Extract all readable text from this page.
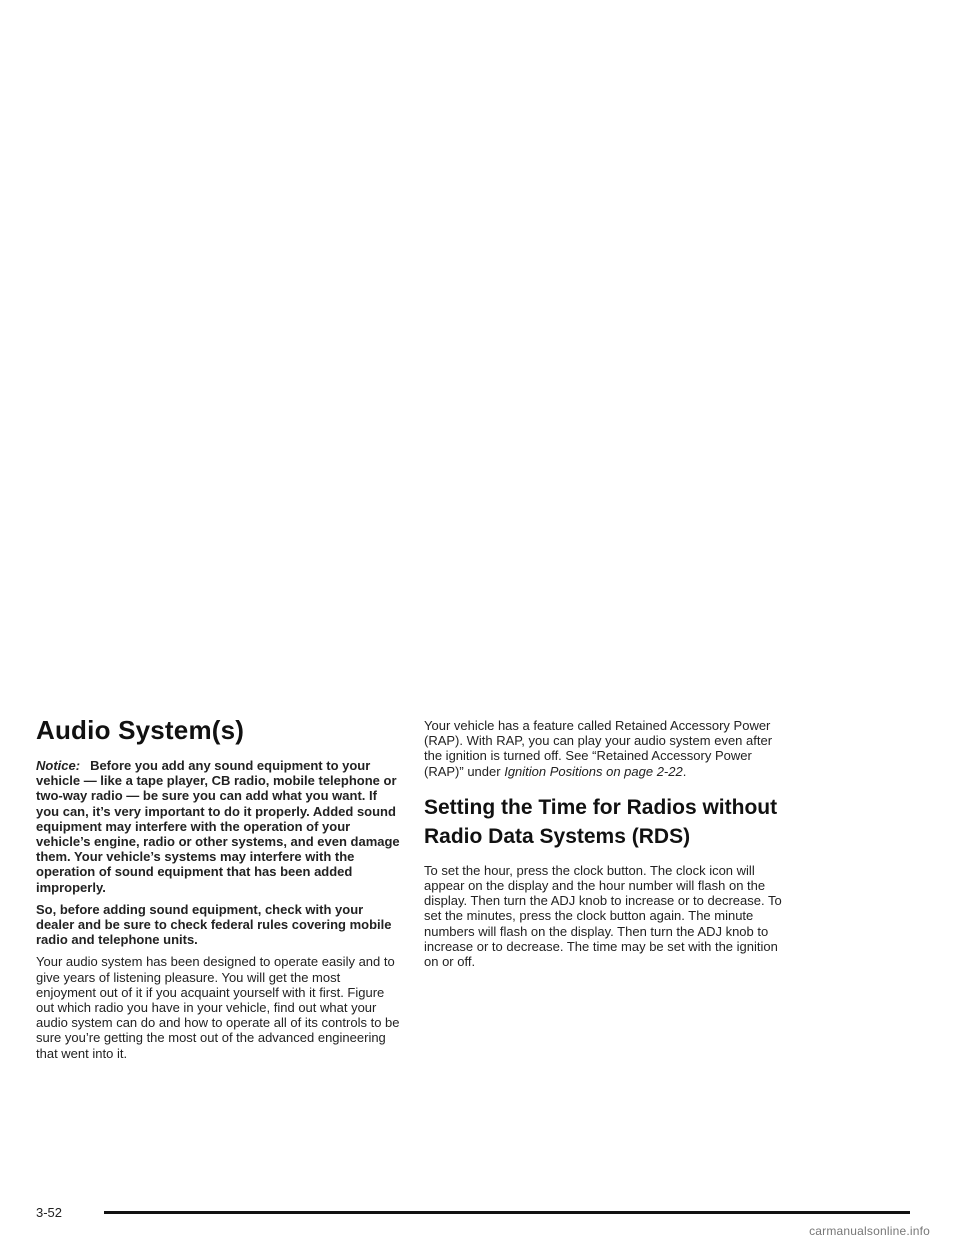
Audio System(s)

Notice: Before you add any sound equipment to your vehicle — like a tape player, CB radio, mobile telephone or two-way radio — be sure you can add what you want. If you can, it’s very important to do it properly. Added sound equipment may interfere with the operation of your vehicle’s engine, radio or other systems, and even damage them. Your vehicle’s systems may interfere with the operation of sound equipment that has been added improperly.

So, before adding sound equipment, check with your dealer and be sure to check federal rules covering mobile radio and telephone units.

Your audio system has been designed to operate easily and to give years of listening pleasure. You will get the most enjoyment out of it if you acquaint yourself with it first. Figure out which radio you have in your vehicle, find out what your audio system can do and how to operate all of its controls to be sure you’re getting the most out of the advanced engineering that went into it.

Your vehicle has a feature called Retained Accessory Power (RAP). With RAP, you can play your audio system even after the ignition is turned off. See “Retained Accessory Power (RAP)” under Ignition Positions on page 2-22.

Setting the Time for Radios without Radio Data Systems (RDS)

To set the hour, press the clock button. The clock icon will appear on the display and the hour number will flash on the display. Then turn the ADJ knob to increase or to decrease. To set the minutes, press the clock button again. The minute numbers will flash on the display. Then turn the ADJ knob to increase or to decrease. The time may be set with the ignition on or off.

3-52
carmanualsonline.info
